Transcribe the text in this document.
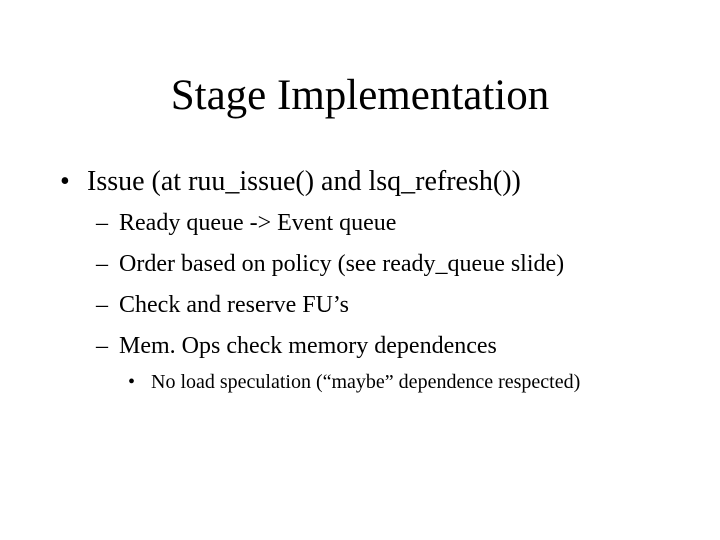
Stage Implementation
• Issue (at ruu_issue() and lsq_refresh())
– Ready queue -> Event queue
– Order based on policy (see ready_queue slide)
– Check and reserve FU’s
– Mem. Ops check memory dependences
• No load speculation (“maybe” dependence respected)
